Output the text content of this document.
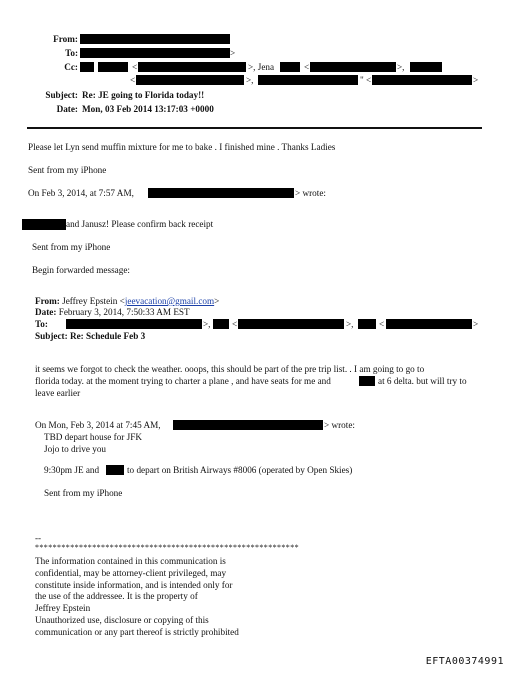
From:
To:	>
Cc:	<	>, Jena	<	>,
<	>,	" <	>
Subject: Re: JE going to Florida today!!
Date: Mon, 03 Feb 2014 13:17:03 +0000
Please let Lyn send muffin mixture for me to bake . I finished mine . Thanks Ladies
Sent from my iPhone
On Feb 3, 2014, at 7:57 AM,	> wrote:
and Janusz! Please confirm back receipt
Sent from my iPhone
Begin forwarded message:
From: Jeffrey Epstein <jeevacation@gmail.com>
Date: February 3, 2014, 7:50:33 AM EST
To:	>, <	>,	<	>
Subject: Re: Schedule Feb 3
it seems we forgot to check the weather. ooops, this should be part of the pre trip list. . I am going to go to
florida today. at the moment trying to charter a plane , and have seats for me and	at 6 delta. but will try to
leave earlier
On Mon, Feb 3, 2014 at 7:45 AM,	> wrote:
TBD depart house for JFK
Jojo to drive you
9:30pm JE and	to depart on British Airways #8006 (operated by Open Skies)
Sent from my iPhone
--
************************************************************
The information contained in this communication is
confidential, may be attorney-client privileged, may
constitute inside information, and is intended only for
the use of the addressee. It is the property of
Jeffrey Epstein
Unauthorized use, disclosure or copying of this
communication or any part thereof is strictly prohibited
EFTA00374991
